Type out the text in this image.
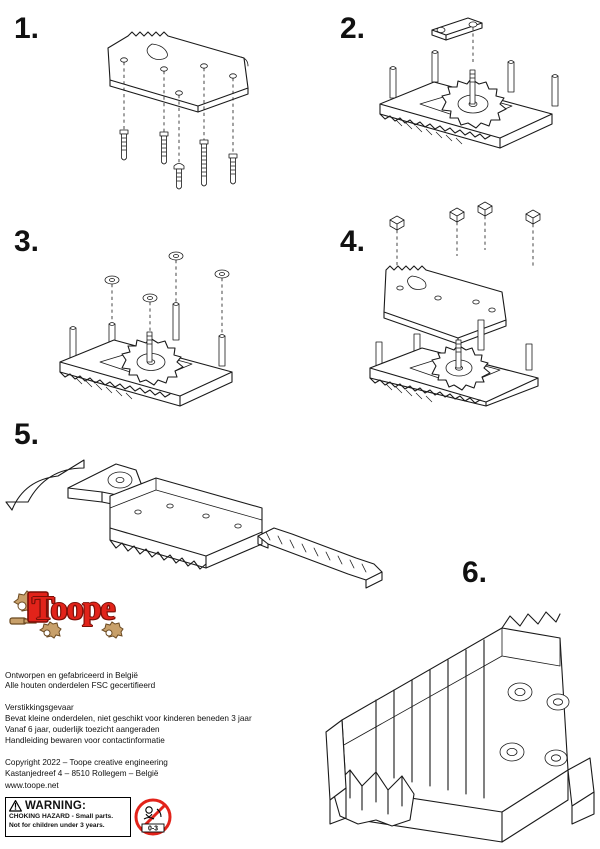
1.	2.
3.	4.
5.
Toope
6.
Ontworpen en gefabriceerd in België
Alle houten onderdelen FSC gecertifieerd
Verstikkingsgevaar
Bevat kleine onderdelen, niet geschikt voor kinderen beneden 3 jaar
Vanaf 6 jaar, ouderlijk toezicht aangeraden
Handleiding bewaren voor contactinformatie
Copyright 2022 – Toope creative engineering
Kastanjedreef 4 – 8510 Rollegem – België
www.toope.net
WARNING:
CHOKING HAZARD - Small parts.
Not for children under 3 years.	0-3
